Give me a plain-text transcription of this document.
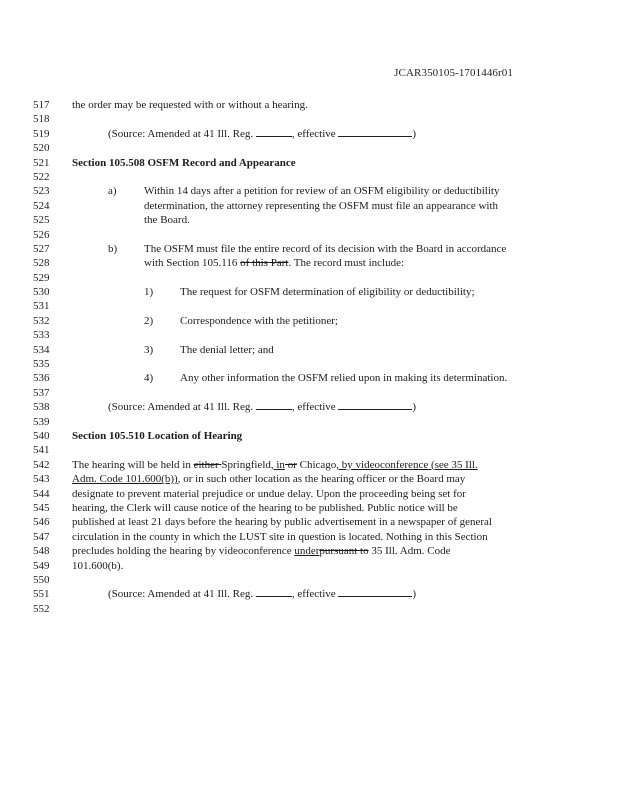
JCAR350105-1701446r01
517
518
519
520
521
522
523
524
525
526
527
528
529
530
531
532
533
534
535
536
537
538
539
540
541
542
543
544
545
546
547
548
549
550
551
552
the order may be requested with or without a hearing.
(Source: Amended at 41 Ill. Reg.	, effective	)
Section 105.508 OSFM Record and Appearance
a) Within 14 days after a petition for review of an OSFM eligibility or deductibility
determination, the attorney representing the OSFM must file an appearance with
the Board.
b) The OSFM must file the entire record of its decision with the Board in accordance
with Section 105.116 of this Part. The record must include:
1) The request for OSFM determination of eligibility or deductibility;
2) Correspondence with the petitioner;
3) The denial letter; and
4) Any other information the OSFM relied upon in making its determination.
(Source: Amended at 41 Ill. Reg.	, effective	)
Section 105.510 Location of Hearing
The hearing will be held in either Springfield, in or Chicago, by videoconference (see 35 Ill.
Adm. Code 101.600(b)), or in such other location as the hearing officer or the Board may
designate to prevent material prejudice or undue delay. Upon the proceeding being set for
hearing, the Clerk will cause notice of the hearing to be published. Public notice will be
published at least 21 days before the hearing by public advertisement in a newspaper of general
circulation in the county in which the LUST site in question is located. Nothing in this Section
precludes holding the hearing by videoconference underpursuant to 35 Ill. Adm. Code
101.600(b).
(Source: Amended at 41 Ill. Reg.	, effective	)
